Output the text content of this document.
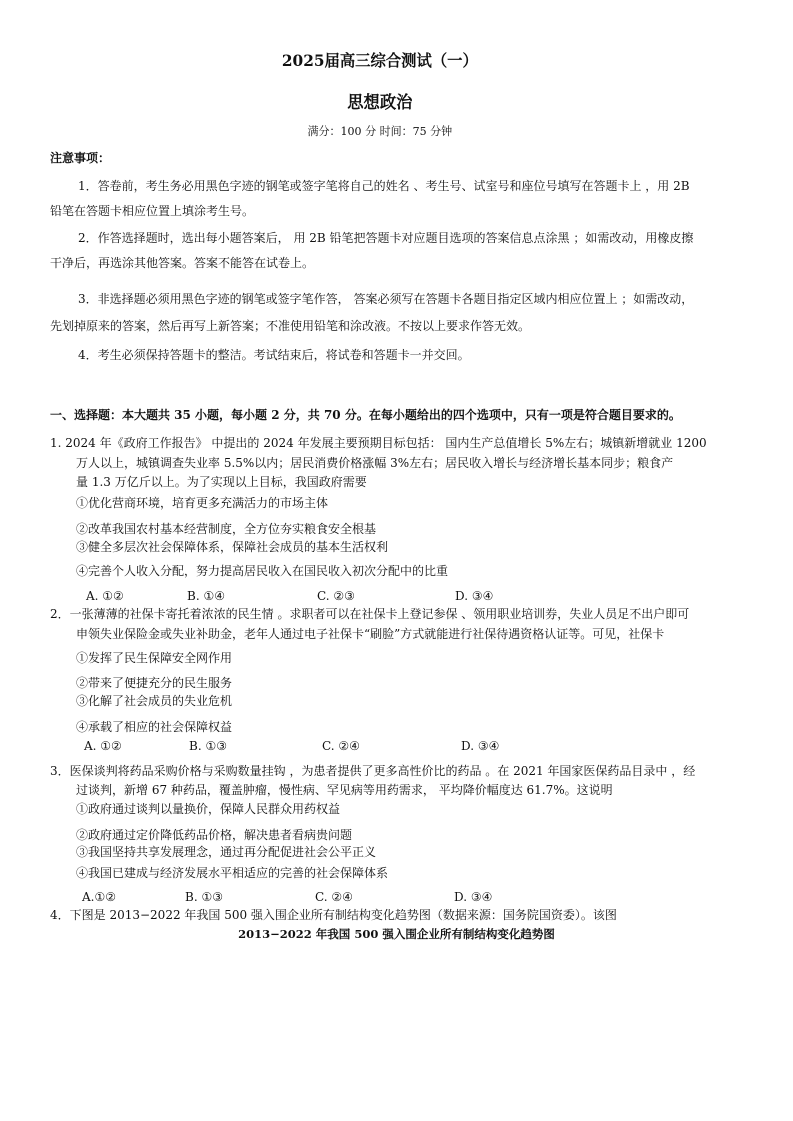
2025届高三综合测试（一）
思想政治
满分：100 分 时间：75 分钟
注意事项：
1．答卷前，考生务必用黑色字迹的钢笔或签字笔将自己的姓名 、考生号、试室号和座位号填写在答题卡上 ，用 2B
铅笔在答题卡相应位置上填涂考生号。
2．作答选择题时，选出每小题答案后， 用 2B 铅笔把答题卡对应题目选项的答案信息点涂黑 ；如需改动，用橡皮擦
干净后，再选涂其他答案。答案不能答在试卷上。
3．非选择题必须用黑色字迹的钢笔或签字笔作答， 答案必须写在答题卡各题目指定区域内相应位置上 ；如需改动，
先划掉原来的答案，然后再写上新答案；不准使用铅笔和涂改液。不按以上要求作答无效。
4．考生必须保持答题卡的整洁。考试结束后，将试卷和答题卡一并交回。
一、选择题：本大题共 35 小题，每小题 2 分，共 70 分。在每小题给出的四个选项中，只有一项是符合题目要求的。
1. 2024 年《政府工作报告》 中提出的 2024 年发展主要预期目标包括： 国内生产总值增长 5%左右；城镇新增就业 1200
万人以上，城镇调查失业率 5.5%以内；居民消费价格涨幅 3%左右；居民收入增长与经济增长基本同步；粮食产
量 1.3 万亿斤以上。为了实现以上目标，我国政府需要
①优化营商环境，培育更多充满活力的市场主体
②改革我国农村基本经营制度，全方位夯实粮食安全根基
③健全多层次社会保障体系，保障社会成员的基本生活权利
④完善个人收入分配，努力提高居民收入在国民收入初次分配中的比重
A. ①②	B. ①④	C. ②③	D. ③④
2．一张薄薄的社保卡寄托着浓浓的民生情 。求职者可以在社保卡上登记参保 、领用职业培训券，失业人员足不出户即可
申领失业保险金或失业补助金，老年人通过电子社保卡“刷脸”方式就能进行社保待遇资格认证等。可见，社保卡
①发挥了民生保障安全网作用
②带来了便捷充分的民生服务
③化解了社会成员的失业危机
④承载了相应的社会保障权益
A. ①②	B. ①③	C. ②④	D. ③④
3．医保谈判将药品采购价格与采购数量挂钩 ，为患者提供了更多高性价比的药品 。在 2021 年国家医保药品目录中 ，经
过谈判，新增 67 种药品，覆盖肿瘤，慢性病、罕见病等用药需求， 平均降价幅度达 61.7%。这说明
①政府通过谈判以量换价，保障人民群众用药权益
②政府通过定价降低药品价格，解决患者看病贵问题
③我国坚持共享发展理念，通过再分配促进社会公平正义
④我国已建成与经济发展水平相适应的完善的社会保障体系
A.①②	B. ①③	C. ②④	D. ③④
4．下图是 2013−2022 年我国 500 强入围企业所有制结构变化趋势图（数据来源：国务院国资委）。该图
2013−2022 年我国 500 强入围企业所有制结构变化趋势图
